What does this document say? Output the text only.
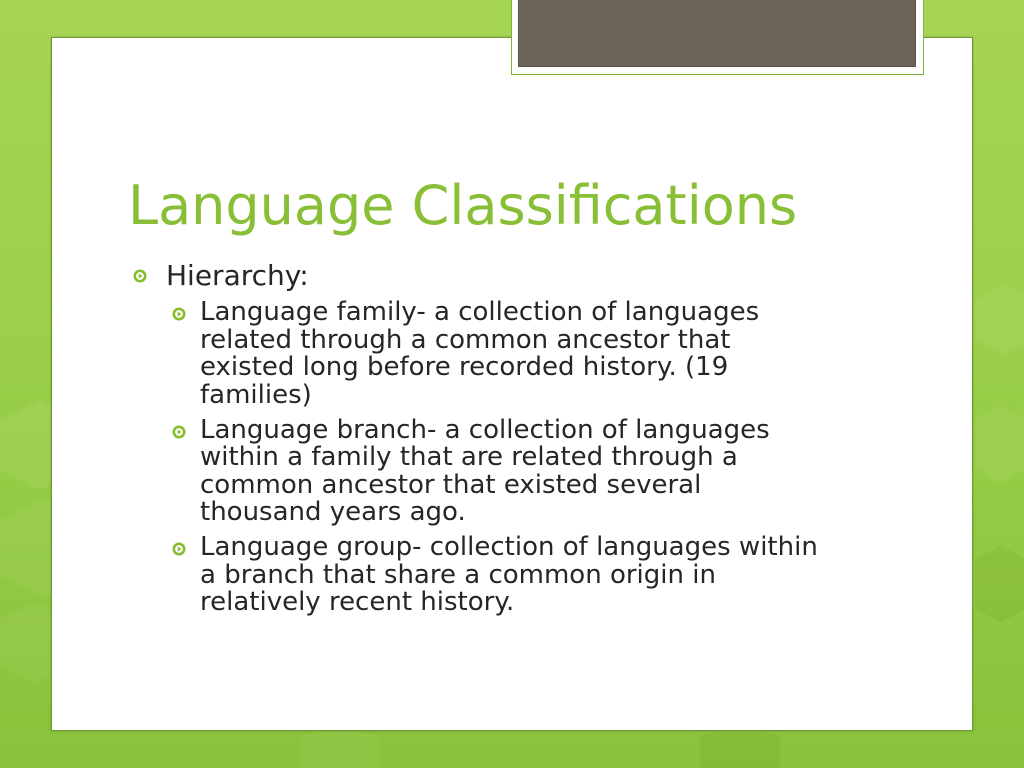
Language Classifications
Hierarchy:
Language family- a collection of languages
related through a common ancestor that
existed long before recorded history. (19
families)
Language branch- a collection of languages
within a family that are related through a
common ancestor that existed several
thousand years ago.
Language group- collection of languages within
a branch that share a common origin in
relatively recent history.
